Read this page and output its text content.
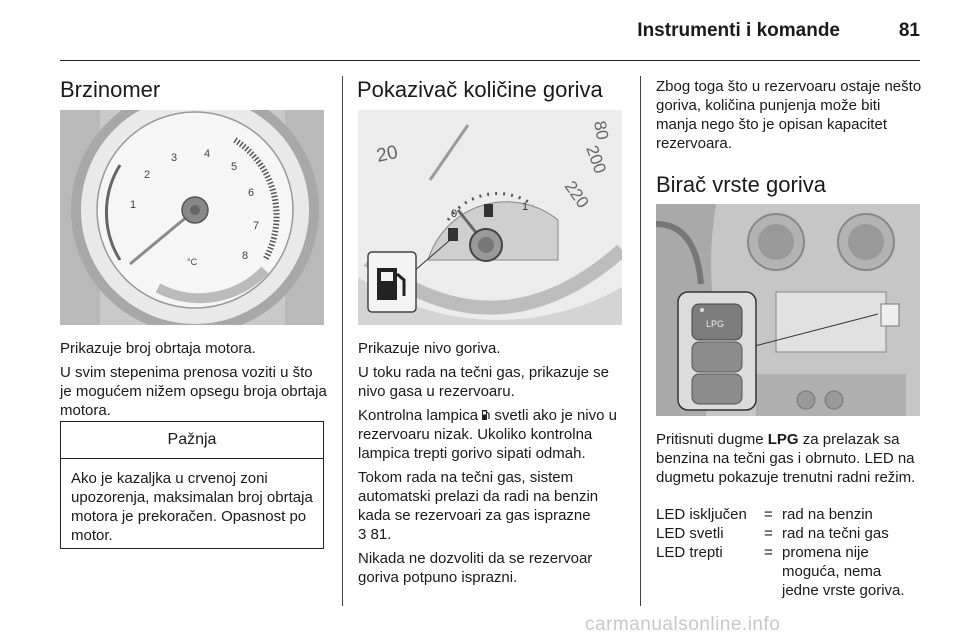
Instrumenti i komande	81
Brzinomer
1
2
3 4
5
6
7
8
°C

Prikazuje broj obrtaja motora.

U svim stepenima prenosa voziti u što je mogućem nižem opsegu broja obrtaja motora.

Pažnja
Ako je kazaljka u crvenoj zoni upozorenja, maksimalan broj obrtaja motora je prekoračen. Opasnost po motor.
Pokazivač količine goriva
20
80
200
220
0
1

Prikazuje nivo goriva.

U toku rada na tečni gas, prikazuje se nivo gasa u rezervoaru.

Kontrolna lampica svetli ako je nivo u rezervoaru nizak. Ukoliko kontrolna lampica trepti gorivo sipati odmah.

Tokom rada na tečni gas, sistem automatski prelazi da radi na benzin kada se rezervoari za gas isprazne
3 81.

Nikada ne dozvoliti da se rezervoar goriva potpuno isprazni.

Zbog toga što u rezervoaru ostaje nešto goriva, količina punjenja može biti manja nego što je opisan kapacitet rezervoara.

Birač vrste goriva
LPG

Pritisnuti dugme LPG za prelazak sa benzina na tečni gas i obrnuto. LED na dugmetu pokazuje trenutni radni režim.

LED isključen	=	rad na benzin
LED svetli	=	rad na tečni gas
LED trepti	=	promena nije moguća, nema jedne vrste goriva.
carmanualsonline.info
